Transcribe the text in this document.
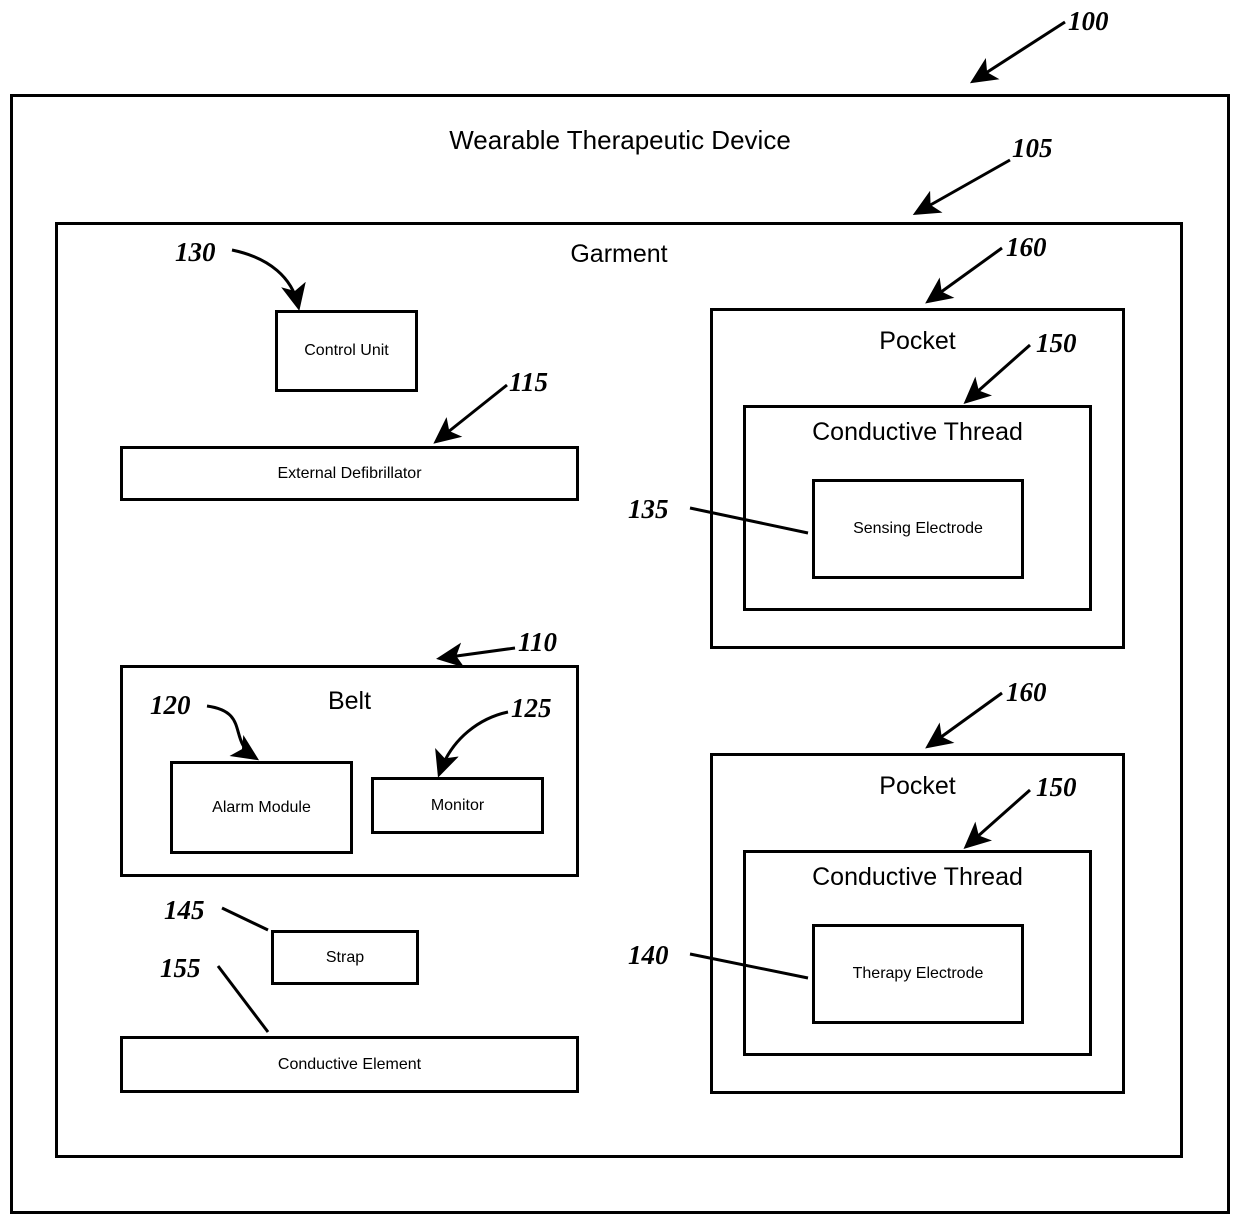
Wearable Therapeutic Device
Garment
Control Unit
External Defibrillator
Belt
Alarm Module	Monitor
Strap
Conductive Element
Pocket
Conductive Thread
Sensing Electrode
Pocket
Conductive Thread
Therapy Electrode
100
105
130
115
110
120	125
145
155
160
150
135
160
150
140
